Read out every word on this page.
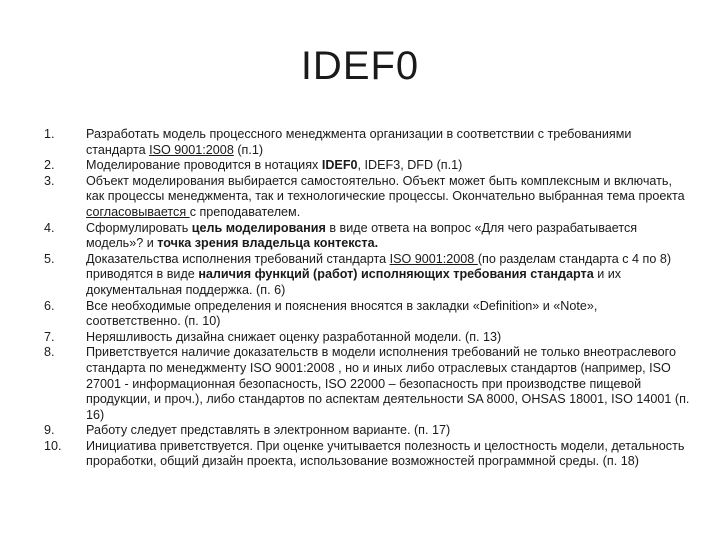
IDEF0
1.	Разработать модель процессного менеджмента организации в соответствии с требованиями стандарта ISO 9001:2008 (п.1)
2.	Моделирование проводится в нотациях IDEF0, IDEF3, DFD (п.1)
3.	Объект моделирования выбирается самостоятельно. Объект может быть комплексным и включать, как процессы менеджмента, так и технологические процессы. Окончательно выбранная тема проекта согласовывается с преподавателем.
4.	Сформулировать цель моделирования в виде ответа на вопрос «Для чего разрабатывается модель»? и точка зрения владельца контекста.
5.	Доказательства исполнения требований стандарта ISO 9001:2008 (по разделам стандарта с 4 по 8) приводятся в виде наличия функций (работ) исполняющих требования стандарта и их документальная поддержка. (п. 6)
6.	Все необходимые определения и пояснения вносятся в закладки «Definition» и «Note», соответственно. (п. 10)
7.	Неряшливость дизайна снижает оценку разработанной модели. (п. 13)
8.	Приветствуется наличие доказательств в модели исполнения требований не только внеотраслевого стандарта по менеджменту ISO 9001:2008 , но и иных либо отраслевых стандартов (например, ISO 27001 - информационная безопасность, ISO 22000 – безопасность при производстве пищевой продукции, и проч.), либо стандартов по аспектам деятельности SA 8000, OHSAS 18001, ISO 14001 (п. 16)
9.	Работу следует представлять в электронном варианте. (п. 17)
10.	Инициатива приветствуется. При оценке учитывается полезность и целостность модели, детальность проработки, общий дизайн проекта, использование возможностей программной среды. (п. 18)
